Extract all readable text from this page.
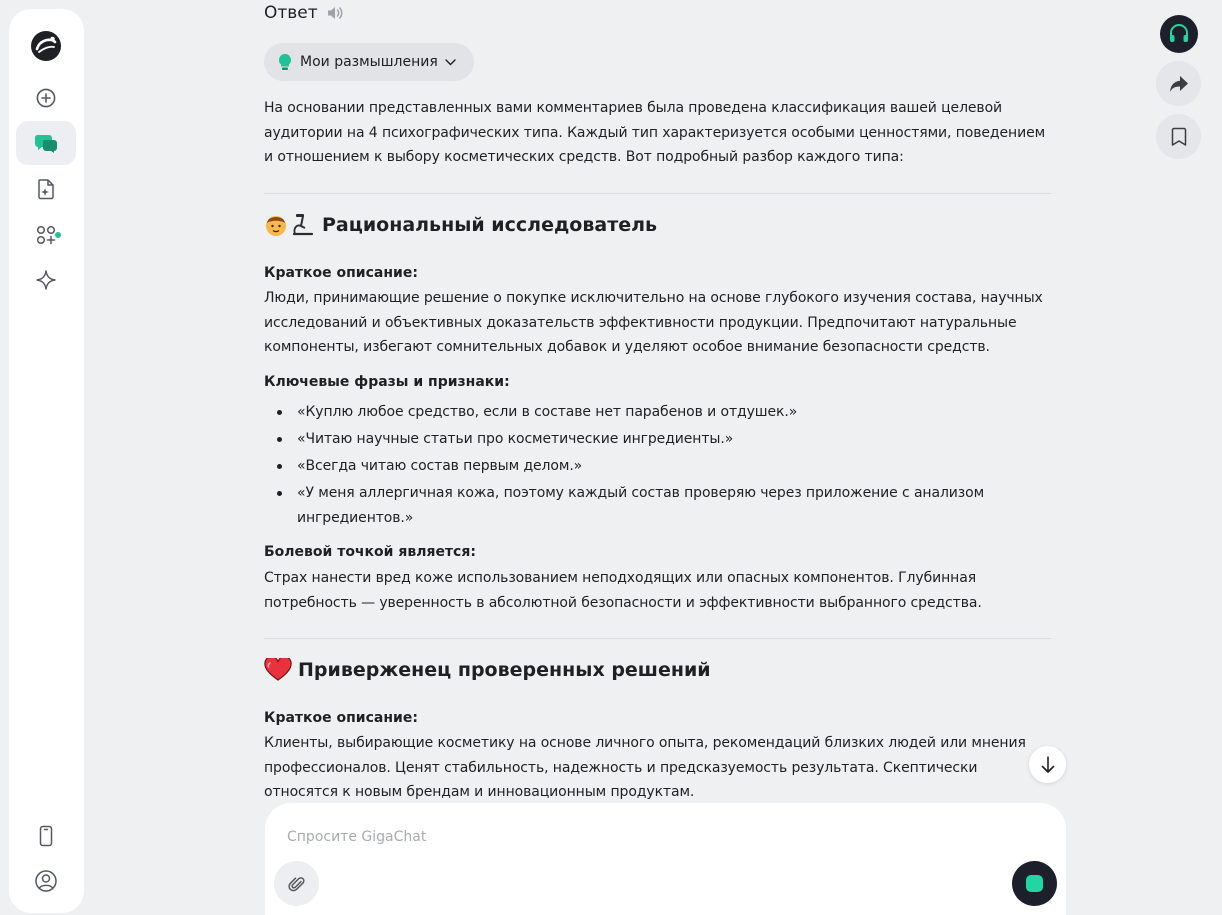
Ответ
Мои размышления

На основании представленных вами комментариев была проведена классификация вашей целевой аудитории на 4 психографических типа. Каждый тип характеризуется особыми ценностями, поведением и отношением к выбору косметических средств. Вот подробный разбор каждого типа:

Рациональный исследователь
Краткое описание:

Люди, принимающие решение о покупке исключительно на основе глубокого изучения состава, научных исследований и объективных доказательств эффективности продукции. Предпочитают натуральные компоненты, избегают сомнительных добавок и уделяют особое внимание безопасности средств.

Ключевые фразы и признаки:
«Куплю любое средство, если в составе нет парабенов и отдушек.»
«Читаю научные статьи про косметические ингредиенты.»
«Всегда читаю состав первым делом.»
«У меня аллергичная кожа, поэтому каждый состав проверяю через приложение с анализом ингредиентов.»
Болевой точкой является:

Страх нанести вред коже использованием неподходящих или опасных компонентов. Глубинная потребность — уверенность в абсолютной безопасности и эффективности выбранного средства.

Приверженец проверенных решений
Краткое описание:

Клиенты, выбирающие косметику на основе личного опыта, рекомендаций близких людей или мнения профессионалов. Ценят стабильность, надежность и предсказуемость результата. Скептически относятся к новым брендам и инновационным продуктам.

Спросите GigaChat
